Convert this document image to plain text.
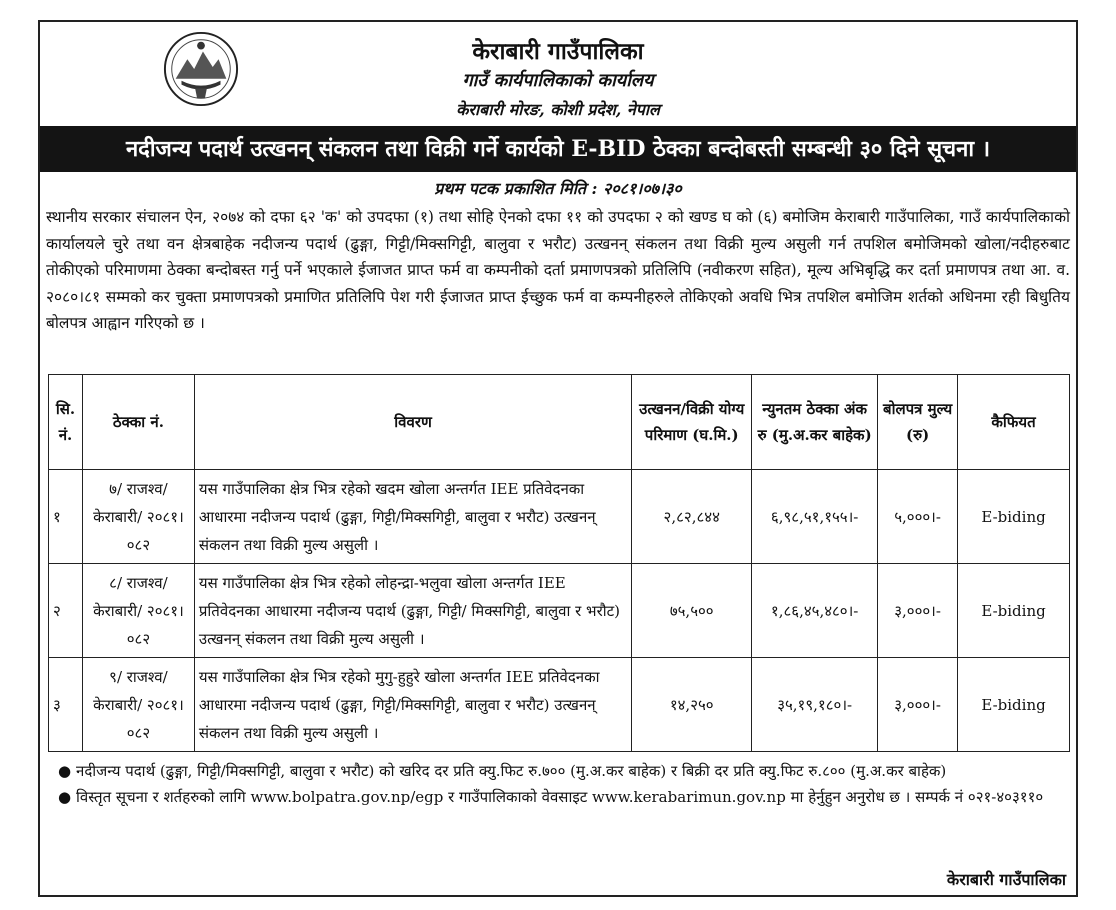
केराबारी गाउँपालिका
गाउँ कार्यपालिकाको कार्यालय
केराबारी मोरङ, कोशी प्रदेश, नेपाल
नदीजन्य पदार्थ उत्खनन् संकलन तथा विक्री गर्ने कार्यको E-BID ठेक्का बन्दोबस्ती सम्बन्धी ३० दिने सूचना ।
प्रथम पटक प्रकाशित मिति : २०८१।०७।३०
स्थानीय सरकार संचालन ऐन, २०७४ को दफा ६२ 'क' को उपदफा (१) तथा सोहि ऐनको दफा ११ को उपदफा २ को खण्ड घ को (६) बमोजिम केराबारी गाउँपालिका, गाउँ कार्यपालिकाको कार्यालयले चुरे तथा वन क्षेत्रबाहेक नदीजन्य पदार्थ (ढुङ्गा, गिट्टी/मिक्सगिट्टी, बालुवा र भरौट) उत्खनन् संकलन तथा विक्री मुल्य असुली गर्न तपशिल बमोजिमको खोला/नदीहरुबाट तोकीएको परिमाणमा ठेक्का बन्दोबस्त गर्नु पर्ने भएकाले ईजाजत प्राप्त फर्म वा कम्पनीको दर्ता प्रमाणपत्रको प्रतिलिपि (नवीकरण सहित), मूल्य अभिबृद्धि कर दर्ता प्रमाणपत्र तथा आ. व. २०८०।८१ सम्मको कर चुक्ता प्रमाणपत्रको प्रमाणित प्रतिलिपि पेश गरी ईजाजत प्राप्त ईच्छुक फर्म वा कम्पनीहरुले तोकिएको अवधि भित्र तपशिल बमोजिम शर्तको अधिनमा रही बिधुतिय बोलपत्र आह्वान गरिएको छ ।
सि. नं.	ठेक्का नं.	विवरण	उत्खनन/विक्री योग्य परिमाण (घ.मि.)	न्युनतम ठेक्का अंक रु (मु.अ.कर बाहेक)	बोलपत्र मुल्य (रु)	कैफियत
१	७/ राजश्व/ केराबारी/ २०८१।०८२	यस गाउँपालिका क्षेत्र भित्र रहेको खदम खोला अन्तर्गत IEE प्रतिवेदनका आधारमा नदीजन्य पदार्थ (ढुङ्गा, गिट्टी/मिक्सगिट्टी, बालुवा र भरौट) उत्खनन् संकलन तथा विक्री मुल्य असुली ।	२,८२,८४४	६,९८,५१,१५५।-	५,०००।-	E-biding
२	८/ राजश्व/ केराबारी/ २०८१।०८२	यस गाउँपालिका क्षेत्र भित्र रहेको लोहन्द्रा-भलुवा खोला अन्तर्गत IEE प्रतिवेदनका आधारमा नदीजन्य पदार्थ (ढुङ्गा, गिट्टी/ मिक्सगिट्टी, बालुवा र भरौट) उत्खनन् संकलन तथा विक्री मुल्य असुली ।	७५,५००	१,८६,४५,४८०।-	३,०००।-	E-biding
३	९/ राजश्व/ केराबारी/ २०८१।०८२	यस गाउँपालिका क्षेत्र भित्र रहेको मुगु-हुहुरे खोला अन्तर्गत IEE प्रतिवेदनका आधारमा नदीजन्य पदार्थ (ढुङ्गा, गिट्टी/मिक्सगिट्टी, बालुवा र भरौट) उत्खनन् संकलन तथा विक्री मुल्य असुली ।	१४,२५०	३५,१९,१८०।-	३,०००।-	E-biding
● नदीजन्य पदार्थ (ढुङ्गा, गिट्टी/मिक्सगिट्टी, बालुवा र भरौट) को खरिद दर प्रति क्यु.फिट रु.७०० (मु.अ.कर बाहेक) र बिक्री दर प्रति क्यु.फिट रु.८०० (मु.अ.कर बाहेक)
● विस्तृत सूचना र शर्तहरुको लागि www.bolpatra.gov.np/egp र गाउँपालिकाको वेवसाइट www.kerabarimun.gov.np मा हेर्नुहुन अनुरोध छ । सम्पर्क नं ०२१-४०३११०
केराबारी गाउँपालिका
